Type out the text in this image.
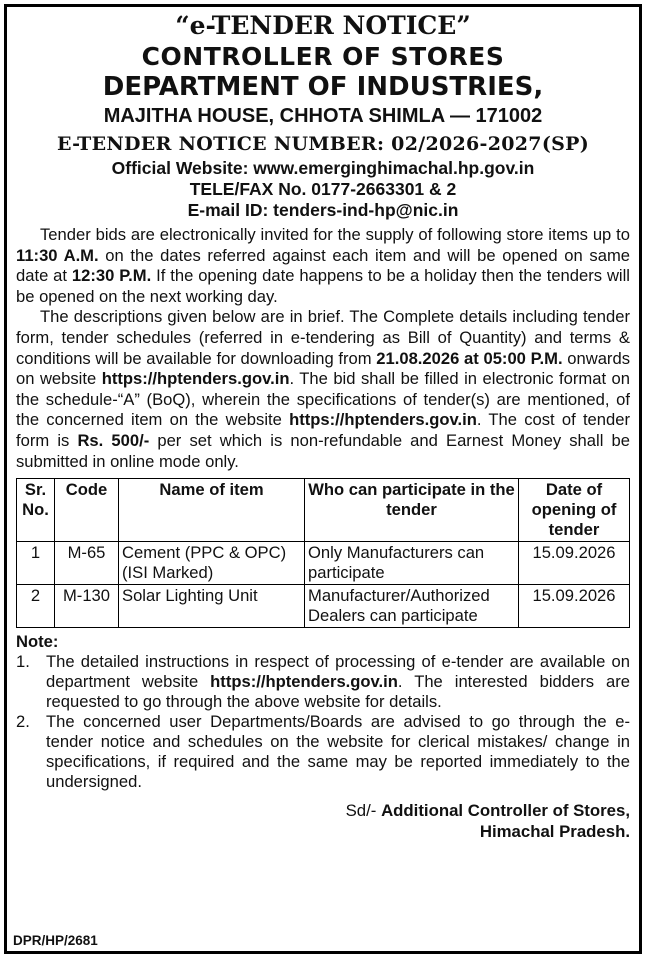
“e-TENDER NOTICE”
CONTROLLER OF STORES
DEPARTMENT OF INDUSTRIES,
MAJITHA HOUSE, CHHOTA SHIMLA — 171002
E-TENDER NOTICE NUMBER: 02/2026-2027(SP)
Official Website: www.emerginghimachal.hp.gov.in
TELE/FAX No. 0177-2663301 & 2
E-mail ID: tenders-ind-hp@nic.in

Tender bids are electronically invited for the supply of following store items up to 11:30 A.M. on the dates referred against each item and will be opened on same date at 12:30 P.M. If the opening date happens to be a holiday then the tenders will be opened on the next working day.

The descriptions given below are in brief. The Complete details including tender form, tender schedules (referred in e-tendering as Bill of Quantity) and terms & conditions will be available for downloading from 21.08.2026 at 05:00 P.M. onwards on website https://hptenders.gov.in. The bid shall be filled in electronic format on the schedule-“A” (BoQ), wherein the specifications of tender(s) are mentioned, of the concerned item on the website https://hptenders.gov.in. The cost of tender form is Rs. 500/- per set which is non-refundable and Earnest Money shall be submitted in online mode only.

Sr. No.	Code	Name of item	Who can participate in the tender	Date of opening of tender
1	M-65	Cement (PPC & OPC) (ISI Marked)	Only Manufacturers can participate	15.09.2026
2	M-130	Solar Lighting Unit	Manufacturer/Authorized Dealers can participate	15.09.2026
Note:
1. The detailed instructions in respect of processing of e-tender are available on department website https://hptenders.gov.in. The interested bidders are requested to go through the above website for details.
2. The concerned user Departments/Boards are advised to go through the e-tender notice and schedules on the website for clerical mistakes/ change in specifications, if required and the same may be reported immediately to the undersigned.
Sd/- Additional Controller of Stores,
Himachal Pradesh.
DPR/HP/2681
